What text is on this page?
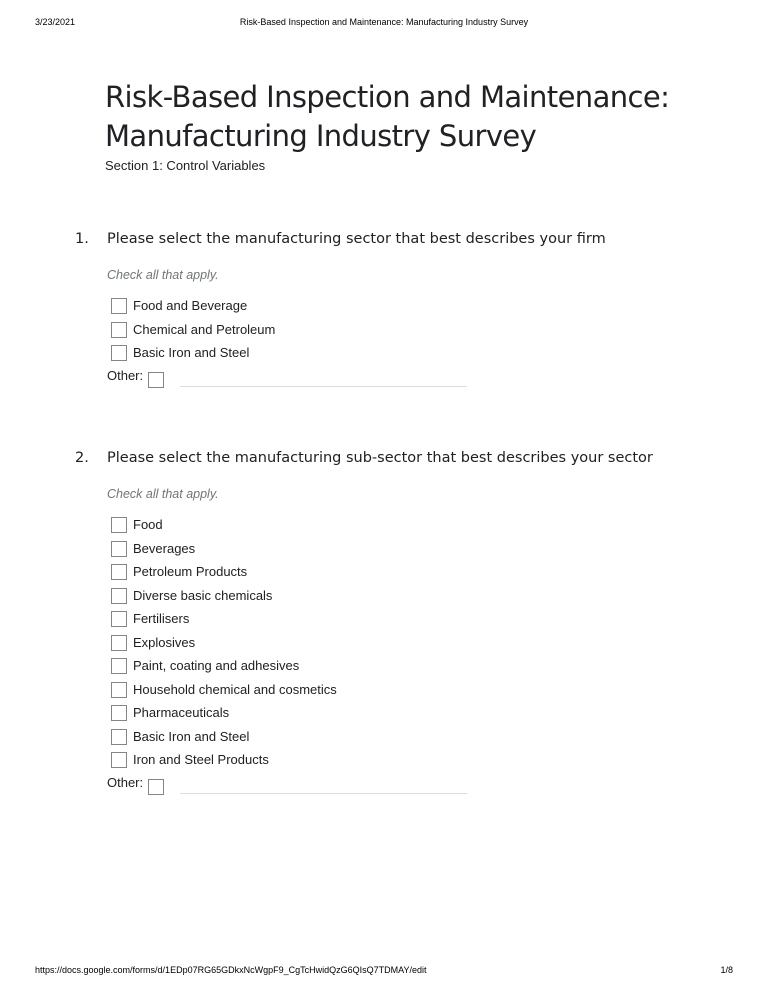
3/23/2021	Risk-Based Inspection and Maintenance: Manufacturing Industry Survey
Risk-Based Inspection and Maintenance: Manufacturing Industry Survey
Section 1: Control Variables
1. Please select the manufacturing sector that best describes your firm
Check all that apply.
Food and Beverage
Chemical and Petroleum
Basic Iron and Steel
Other:
2. Please select the manufacturing sub-sector that best describes your sector
Check all that apply.
Food
Beverages
Petroleum Products
Diverse basic chemicals
Fertilisers
Explosives
Paint, coating and adhesives
Household chemical and cosmetics
Pharmaceuticals
Basic Iron and Steel
Iron and Steel Products
Other:
https://docs.google.com/forms/d/1EDp07RG65GDkxNcWgpF9_CgTcHwidQzG6QIsQ7TDMAY/edit	1/8
